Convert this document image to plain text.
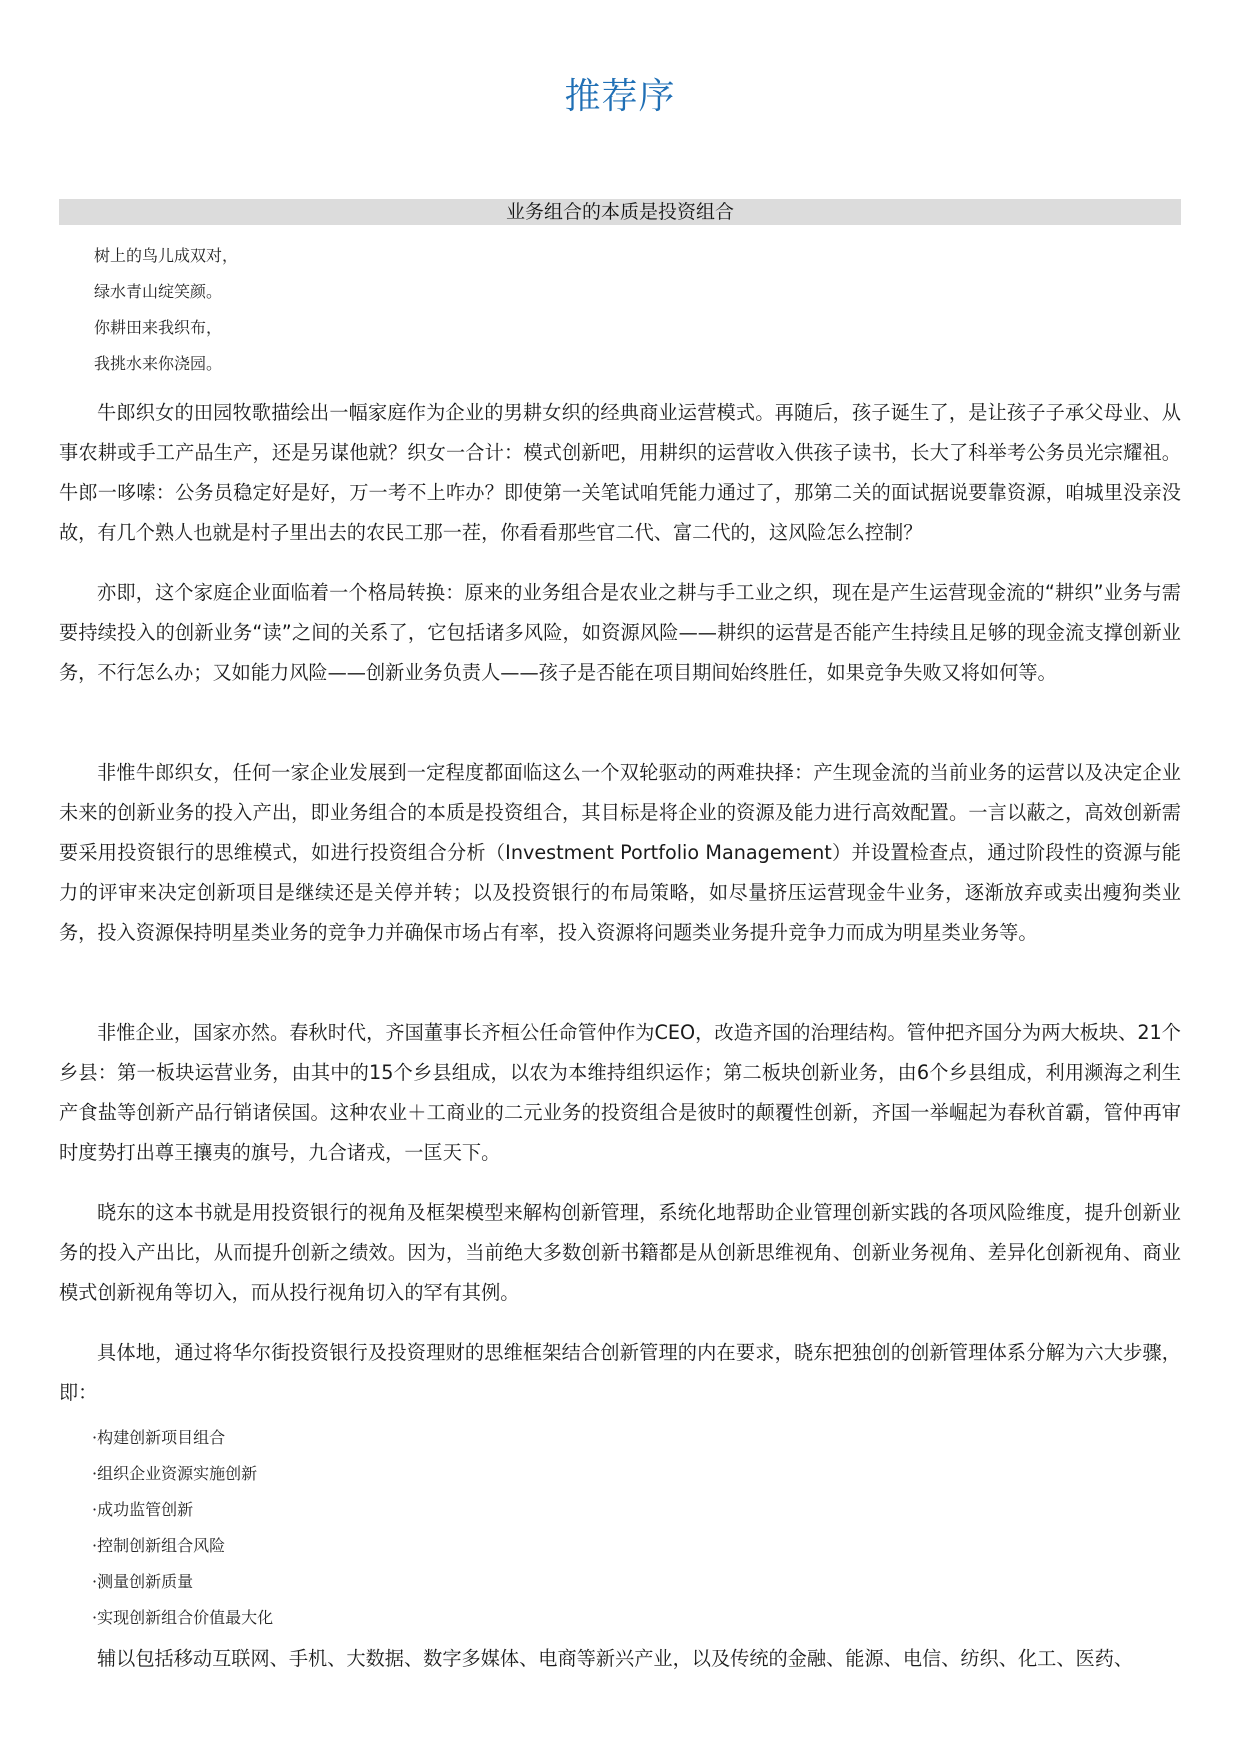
推荐序
业务组合的本质是投资组合
树上的鸟儿成双对，
绿水青山绽笑颜。
你耕田来我织布，
我挑水来你浇园。

牛郎织女的田园牧歌描绘出一幅家庭作为企业的男耕女织的经典商业运营模式。再随后，孩子诞生了，是让孩子子承父母业、从事农耕或手工产品生产，还是另谋他就？织女一合计：模式创新吧，用耕织的运营收入供孩子读书，长大了科举考公务员光宗耀祖。牛郎一哆嗦：公务员稳定好是好，万一考不上咋办？即使第一关笔试咱凭能力通过了，那第二关的面试据说要靠资源，咱城里没亲没故，有几个熟人也就是村子里出去的农民工那一茬，你看看那些官二代、富二代的，这风险怎么控制？

亦即，这个家庭企业面临着一个格局转换：原来的业务组合是农业之耕与手工业之织，现在是产生运营现金流的“耕织”业务与需要持续投入的创新业务“读”之间的关系了，它包括诸多风险，如资源风险——耕织的运营是否能产生持续且足够的现金流支撑创新业务，不行怎么办；又如能力风险——创新业务负责人——孩子是否能在项目期间始终胜任，如果竞争失败又将如何等。

非惟牛郎织女，任何一家企业发展到一定程度都面临这么一个双轮驱动的两难抉择：产生现金流的当前业务的运营以及决定企业未来的创新业务的投入产出，即业务组合的本质是投资组合，其目标是将企业的资源及能力进行高效配置。一言以蔽之，高效创新需要采用投资银行的思维模式，如进行投资组合分析（Investment Portfolio Management）并设置检查点，通过阶段性的资源与能力的评审来决定创新项目是继续还是关停并转；以及投资银行的布局策略，如尽量挤压运营现金牛业务，逐渐放弃或卖出瘦狗类业务，投入资源保持明星类业务的竞争力并确保市场占有率，投入资源将问题类业务提升竞争力而成为明星类业务等。

非惟企业，国家亦然。春秋时代，齐国董事长齐桓公任命管仲作为CEO，改造齐国的治理结构。管仲把齐国分为两大板块、21个乡县：第一板块运营业务，由其中的15个乡县组成，以农为本维持组织运作；第二板块创新业务，由6个乡县组成，利用濒海之利生产食盐等创新产品行销诸侯国。这种农业＋工商业的二元业务的投资组合是彼时的颠覆性创新，齐国一举崛起为春秋首霸，管仲再审时度势打出尊王攘夷的旗号，九合诸戎，一匡天下。

晓东的这本书就是用投资银行的视角及框架模型来解构创新管理，系统化地帮助企业管理创新实践的各项风险维度，提升创新业务的投入产出比，从而提升创新之绩效。因为，当前绝大多数创新书籍都是从创新思维视角、创新业务视角、差异化创新视角、商业模式创新视角等切入，而从投行视角切入的罕有其例。

具体地，通过将华尔街投资银行及投资理财的思维框架结合创新管理的内在要求，晓东把独创的创新管理体系分解为六大步骤，即：

·构建创新项目组合
·组织企业资源实施创新
·成功监管创新
·控制创新组合风险
·测量创新质量
·实现创新组合价值最大化

辅以包括移动互联网、手机、大数据、数字多媒体、电商等新兴产业，以及传统的金融、能源、电信、纺织、化工、医药、
